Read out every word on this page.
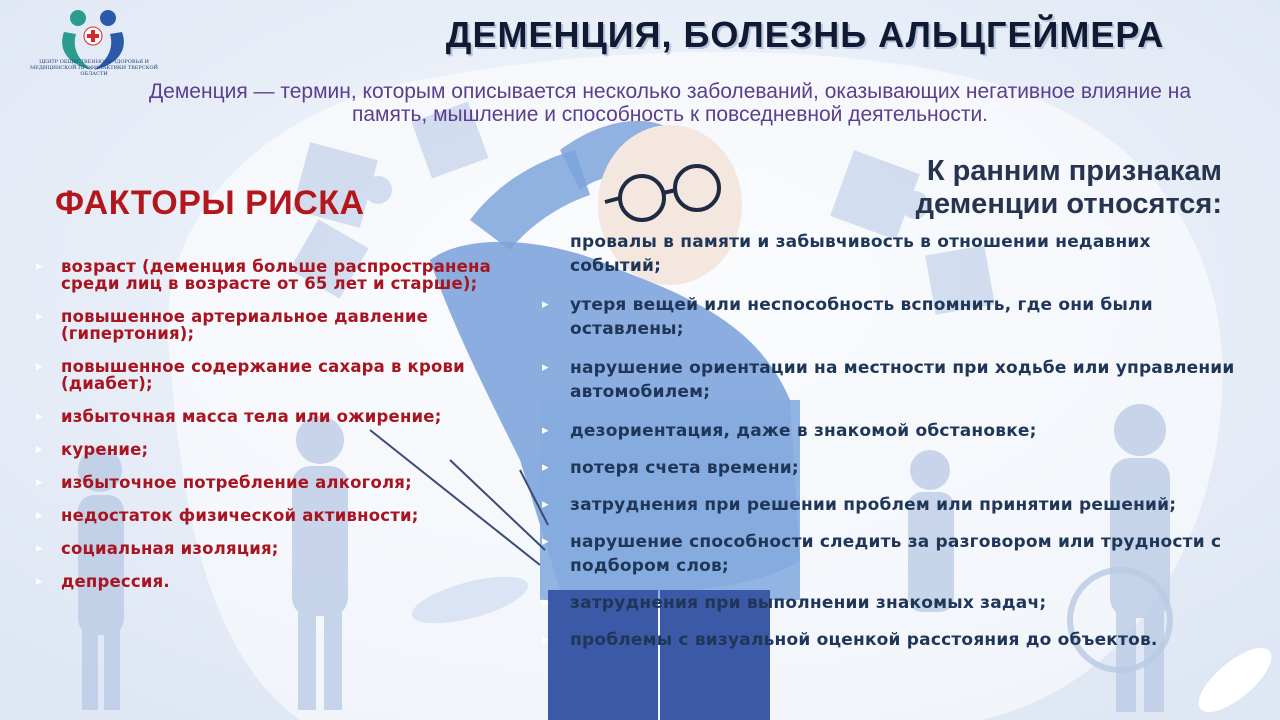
ЦЕНТР ОБЩЕСТВЕННОГО ЗДОРОВЬЯ И МЕДИЦИНСКОЙ ПРОФИЛАКТИКИ ТВЕРСКОЙ ОБЛАСТИ
ДЕМЕНЦИЯ, БОЛЕЗНЬ АЛЬЦГЕЙМЕРА

Деменция — термин, которым описывается несколько заболеваний, оказывающих негативное влияние на память, мышление и способность к повседневной деятельности.

ФАКТОРЫ РИСКА
▸ возраст (деменция больше распространена среди лиц в возрасте от 65 лет и старше);
▸ повышенное артериальное давление (гипертония);
▸ повышенное содержание сахара в крови (диабет);
▸ избыточная масса тела или ожирение;
▸ курение;
▸ избыточное потребление алкоголя;
▸ недостаток физической активности;
▸ социальная изоляция;
▸ депрессия.
К ранним признакам
деменции относятся:
▸ провалы в памяти и забывчивость в отношении недавних событий;
▸ утеря вещей или неспособность вспомнить, где они были оставлены;
▸ нарушение ориентации на местности при ходьбе или управлении автомобилем;
▸ дезориентация, даже в знакомой обстановке;
▸ потеря счета времени;
▸ затруднения при решении проблем или принятии решений;
▸ нарушение способности следить за разговором или трудности с подбором слов;
▸ затруднения при выполнении знакомых задач;
▸ проблемы с визуальной оценкой расстояния до объектов.
